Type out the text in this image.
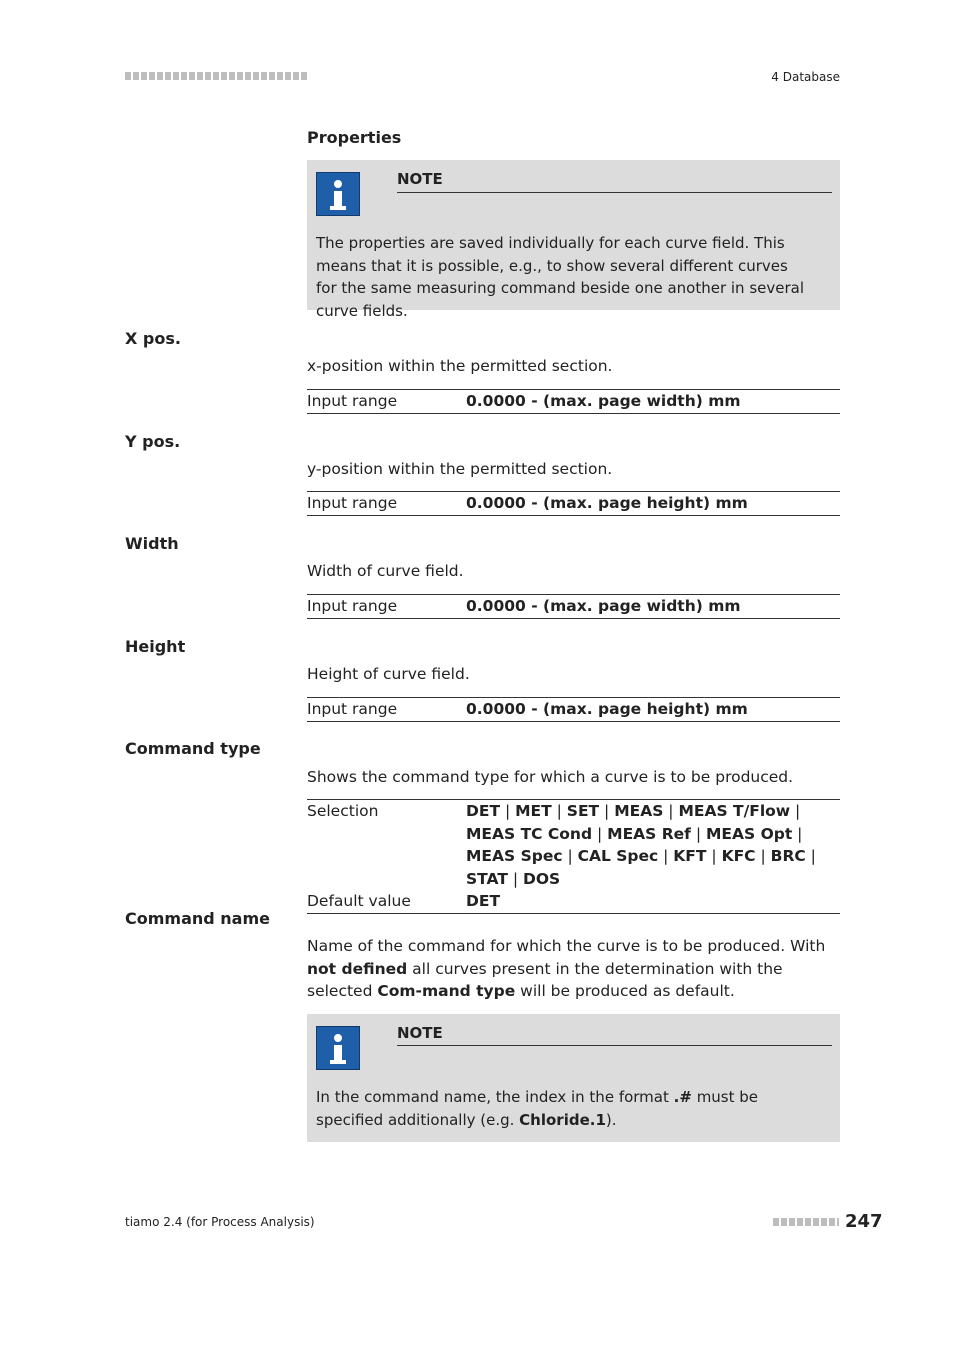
4 Database
Properties
NOTE
The properties are saved individually for each curve field. This means that it is possible, e.g., to show several different curves for the same measuring command beside one another in several curve fields.
X pos.
x-position within the permitted section.
Input range	0.0000 - (max. page width) mm
Y pos.
y-position within the permitted section.
Input range	0.0000 - (max. page height) mm
Width
Width of curve field.
Input range	0.0000 - (max. page width) mm
Height
Height of curve field.
Input range	0.0000 - (max. page height) mm
Command type
Shows the command type for which a curve is to be produced.
Selection	DET | MET | SET | MEAS | MEAS T/Flow | MEAS TC Cond | MEAS Ref | MEAS Opt | MEAS Spec | CAL Spec | KFT | KFC | BRC | STAT | DOS
Default value	DET
Command name
Name of the command for which the curve is to be produced. With not defined all curves present in the determination with the selected Com-mand type will be produced as default.
NOTE
In the command name, the index in the format .# must be specified additionally (e.g. Chloride.1).
tiamo 2.4 (for Process Analysis)	247
